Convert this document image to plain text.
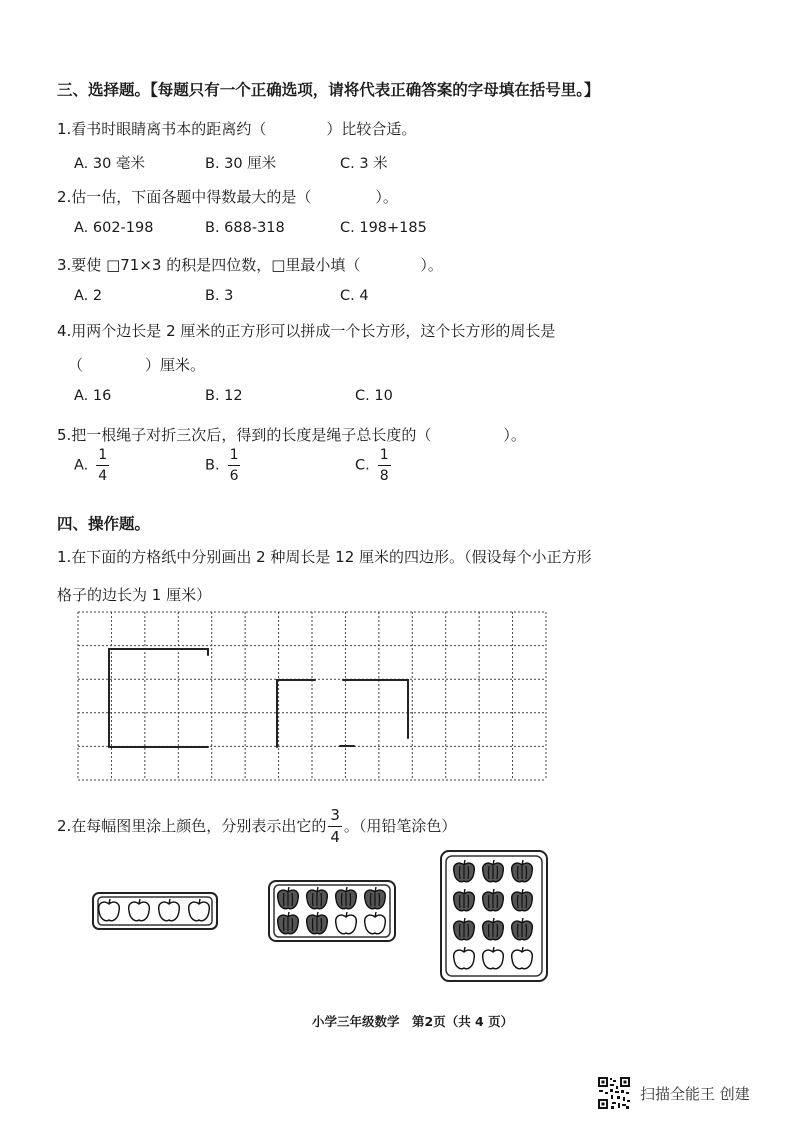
三、选择题。【每题只有一个正确选项，请将代表正确答案的字母填在括号里。】
1.看书时眼睛离书本的距离约（	）比较合适。
A. 30 毫米	B. 30 厘米	C. 3 米
2.估一估，下面各题中得数最大的是（	）。
A. 602-198	B. 688-318	C. 198+185
3.要使 □71×3 的积是四位数，□里最小填（	）。
A. 2	B. 3	C. 4
4.用两个边长是 2 厘米的正方形可以拼成一个长方形，这个长方形的周长是
（	）厘米。
A. 16	B. 12	C. 10
5.把一根绳子对折三次后，得到的长度是绳子总长度的（	）。
A. $\frac{1}{4}$	B. $\frac{1}{6}$	C. $\frac{1}{8}$
四、操作题。
1.在下面的方格纸中分别画出 2 种周长是 12 厘米的四边形。（假设每个小正方形
格子的边长为 1 厘米）
2.在每幅图里涂上颜色，分别表示出它的 $\frac{3}{4}$ 。（用铅笔涂色）
小学三年级数学　第2页（共 4 页）
扫描全能王 创建
